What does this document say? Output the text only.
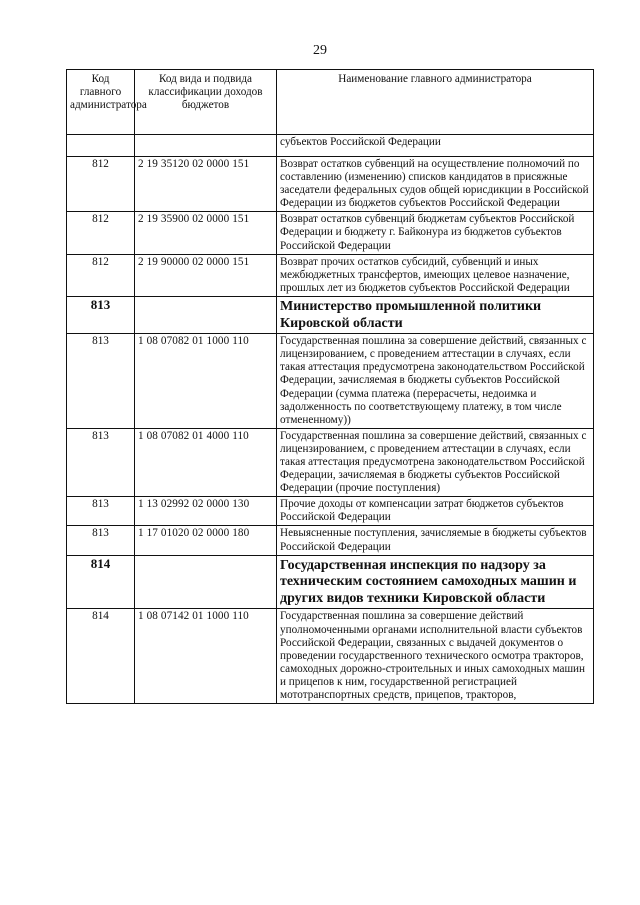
29
Код главного администратора	Код вида и подвида классификации доходов бюджетов	Наименование главного администратора
		субъектов Российской Федерации
812	2 19 35120 02 0000 151	Возврат остатков субвенций на осуществление полномочий по составлению (изменению) списков кандидатов в присяжные заседатели федеральных судов общей юрисдикции в Российской Федерации из бюджетов субъектов Российской Федерации
812	2 19 35900 02 0000 151	Возврат остатков субвенций бюджетам субъектов Российской Федерации и бюджету г. Байконура из бюджетов субъектов Российской Федерации
812	2 19 90000 02 0000 151	Возврат прочих остатков субсидий, субвенций и иных межбюджетных трансфертов, имеющих целевое назначение, прошлых лет из бюджетов субъектов Российской Федерации
813		Министерство промышленной политики Кировской области
813	1 08 07082 01 1000 110	Государственная пошлина за совершение действий, связанных с лицензированием, с проведением аттестации в случаях, если такая аттестация предусмотрена законодательством Российской Федерации, зачисляемая в бюджеты субъектов Российской Федерации (сумма платежа (перерасчеты, недоимка и задолженность по соответствующему платежу, в том числе отмененному))
813	1 08 07082 01 4000 110	Государственная пошлина за совершение действий, связанных с лицензированием, с проведением аттестации в случаях, если такая аттестация предусмотрена законодательством Российской Федерации, зачисляемая в бюджеты субъектов Российской Федерации (прочие поступления)
813	1 13 02992 02 0000 130	Прочие доходы от компенсации затрат бюджетов субъектов Российской Федерации
813	1 17 01020 02 0000 180	Невыясненные поступления, зачисляемые в бюджеты субъектов Российской Федерации
814		Государственная инспекция по надзору за техническим состоянием самоходных машин и других видов техники Кировской области
814	1 08 07142 01 1000 110	Государственная пошлина за совершение действий уполномоченными органами исполнительной власти субъектов Российской Федерации, связанных с выдачей документов о проведении государственного технического осмотра тракторов, самоходных дорожно-строительных и иных самоходных машин и прицепов к ним, государственной регистрацией мототранспортных средств, прицепов, тракторов,
